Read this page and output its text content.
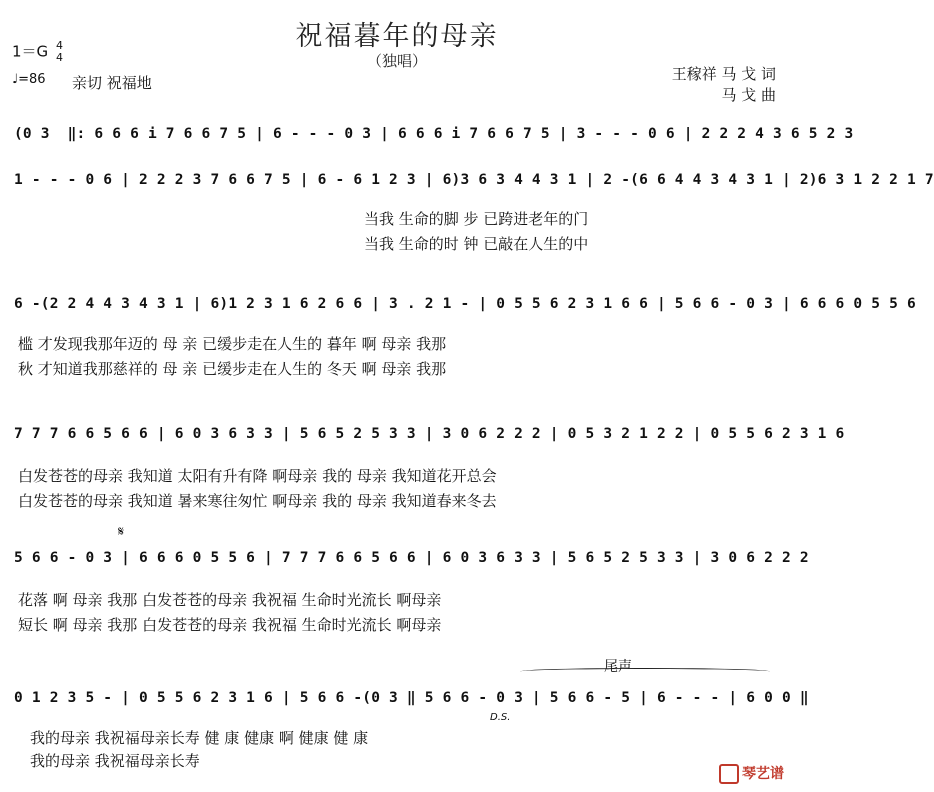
祝福暮年的母亲
（独唱）
1＝G 4
4
♩=86 亲切 祝福地	王稼祥 马 戈 词
马 戈 曲
(0 3  ‖: 6 6 6 i 7 6 6 7 5 | 6 - - - 0 3 | 6 6 6 i 7 6 6 7 5 | 3 - - - 0 6 | 2 2 2 4 3 6 5 2 3
1 - - - 0 6 | 2 2 2 3 7 6 6 7 5 | 6 - 6 1 2 3 | 6)3 6 3 4 4 3 1 | 2 -(6 6 4 4 3 4 3 1 | 2)6 3 1 2 2 1 7
当我 生命的脚 步 已跨进老年的门
当我 生命的时 钟 已敲在人生的中
6 -(2 2 4 4 3 4 3 1 | 6)1 2 3 1 6 2 6 6 | 3 . 2 1 - | 0 5 5 6 2 3 1 6 6 | 5 6 6 - 0 3 | 6 6 6 0 5 5 6
槛 才发现我那年迈的 母 亲 已缓步走在人生的 暮年 啊 母亲 我那
秋 才知道我那慈祥的 母 亲 已缓步走在人生的 冬天 啊 母亲 我那
7 7 7 6 6 5 6 6 | 6 0 3 6 3 3 | 5 6 5 2 5 3 3 | 3 0 6 2 2 2 | 0 5 3 2 1 2 2 | 0 5 5 6 2 3 1 6
白发苍苍的母亲 我知道 太阳有升有降 啊母亲 我的 母亲 我知道花开总会
白发苍苍的母亲 我知道 暑来寒往匆忙 啊母亲 我的 母亲 我知道春来冬去
𝄋
5 6 6 - 0 3 | 6 6 6 0 5 5 6 | 7 7 7 6 6 5 6 6 | 6 0 3 6 3 3 | 5 6 5 2 5 3 3 | 3 0 6 2 2 2
花落 啊 母亲 我那 白发苍苍的母亲 我祝福 生命时光流长 啊母亲
短长 啊 母亲 我那 白发苍苍的母亲 我祝福 生命时光流长 啊母亲
尾声
0 1 2 3 5 - | 0 5 5 6 2 3 1 6 | 5 6 6 -(0 3 ‖ 5 6 6 - 0 3 | 5 6 6 - 5 | 6 - - - | 6 0 0 ‖
D.S.
我的母亲 我祝福母亲长寿 健 康 健康 啊 健康 健 康
我的母亲 我祝福母亲长寿
琴艺谱
